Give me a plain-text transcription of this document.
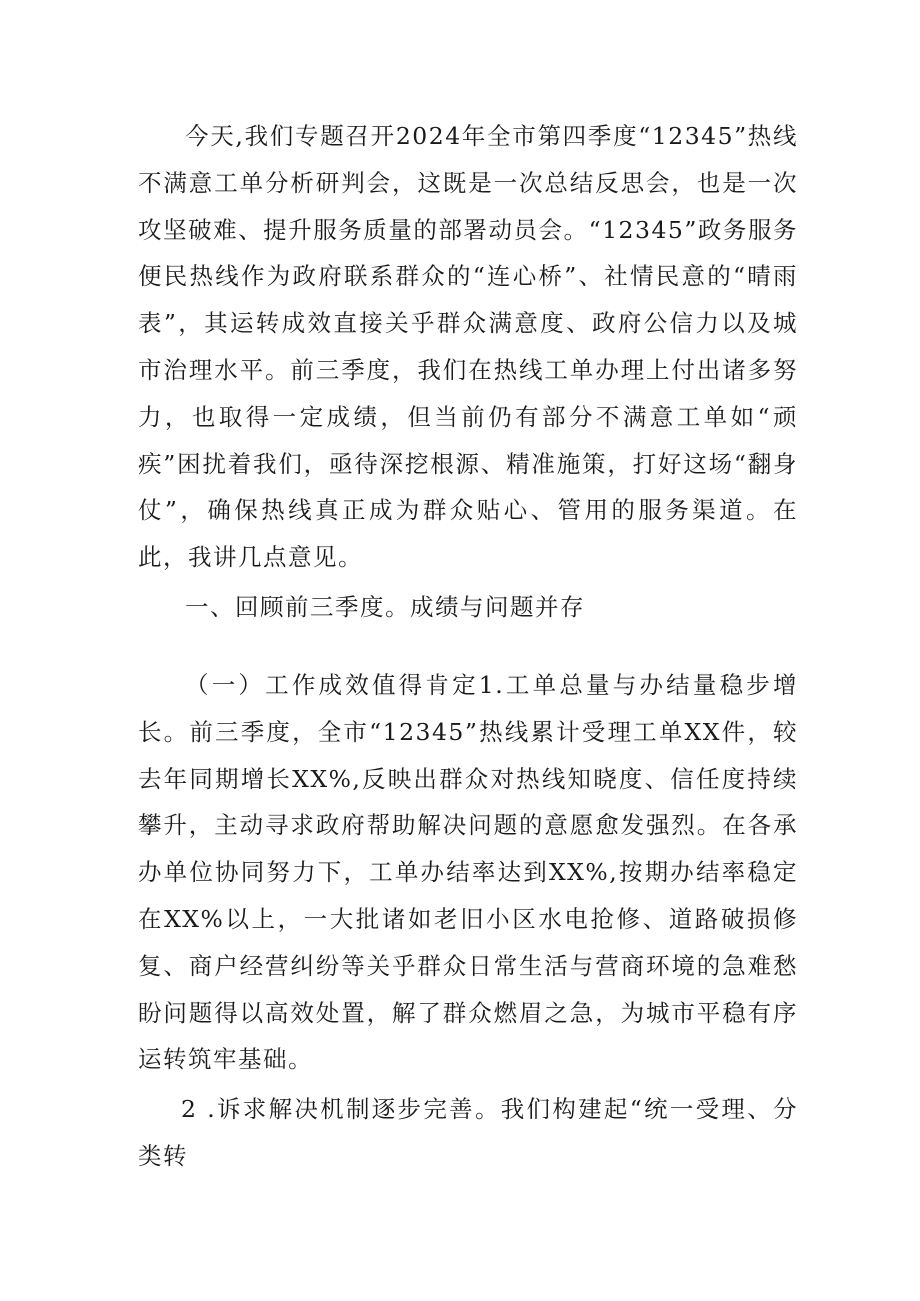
今天,我们专题召开2024年全市第四季度“12345”热线不满意工单分析研判会，这既是一次总结反思会，也是一次攻坚破难、提升服务质量的部署动员会。“12345”政务服务便民热线作为政府联系群众的“连心桥”、社情民意的“晴雨表”，其运转成效直接关乎群众满意度、政府公信力以及城市治理水平。前三季度，我们在热线工单办理上付出诸多努力，也取得一定成绩，但当前仍有部分不满意工单如“顽疾”困扰着我们，亟待深挖根源、精准施策，打好这场“翻身仗”，确保热线真正成为群众贴心、管用的服务渠道。在此，我讲几点意见。

一、回顾前三季度。成绩与问题并存

（一）工作成效值得肯定1.工单总量与办结量稳步增长。前三季度，全市“12345”热线累计受理工单XX件，较去年同期增长XX%,反映出群众对热线知晓度、信任度持续攀升，主动寻求政府帮助解决问题的意愿愈发强烈。在各承办单位协同努力下，工单办结率达到XX%,按期办结率稳定在XX%以上，一大批诸如老旧小区水电抢修、道路破损修复、商户经营纠纷等关乎群众日常生活与营商环境的急难愁盼问题得以高效处置，解了群众燃眉之急，为城市平稳有序运转筑牢基础。

2 .诉求解决机制逐步完善。我们构建起“统一受理、分类转
